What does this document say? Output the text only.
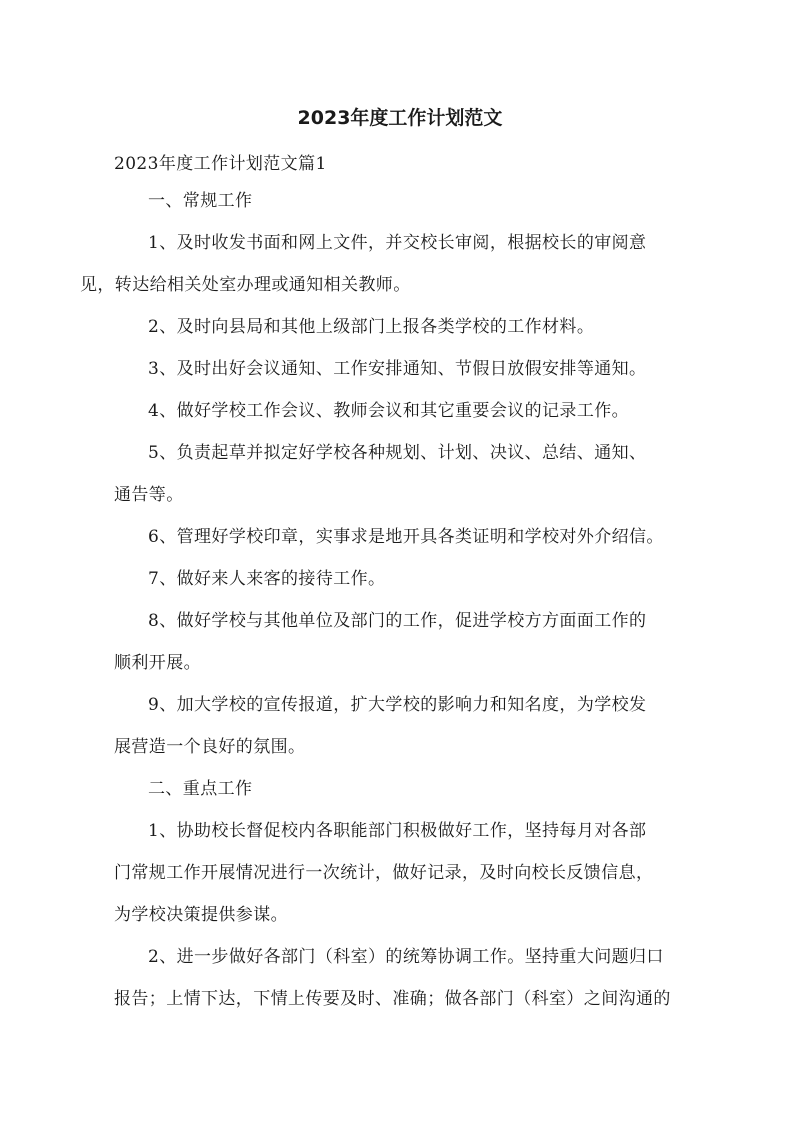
2023年度工作计划范文

2023年度工作计划范文篇1

一、常规工作

1、及时收发书面和网上文件，并交校长审阅，根据校长的审阅意
见，转达给相关处室办理或通知相关教师。

2、及时向县局和其他上级部门上报各类学校的工作材料。

3、及时出好会议通知、工作安排通知、节假日放假安排等通知。

4、做好学校工作会议、教师会议和其它重要会议的记录工作。

5、负责起草并拟定好学校各种规划、计划、决议、总结、通知、
通告等。

6、管理好学校印章，实事求是地开具各类证明和学校对外介绍信。

7、做好来人来客的接待工作。

8、做好学校与其他单位及部门的工作，促进学校方方面面工作的
顺利开展。

9、加大学校的宣传报道，扩大学校的影响力和知名度，为学校发
展营造一个良好的氛围。

二、重点工作

1、协助校长督促校内各职能部门积极做好工作，坚持每月对各部
门常规工作开展情况进行一次统计，做好记录，及时向校长反馈信息，
为学校决策提供参谋。

2、进一步做好各部门（科室）的统筹协调工作。坚持重大问题归口
报告；上情下达，下情上传要及时、准确；做各部门（科室）之间沟通的
